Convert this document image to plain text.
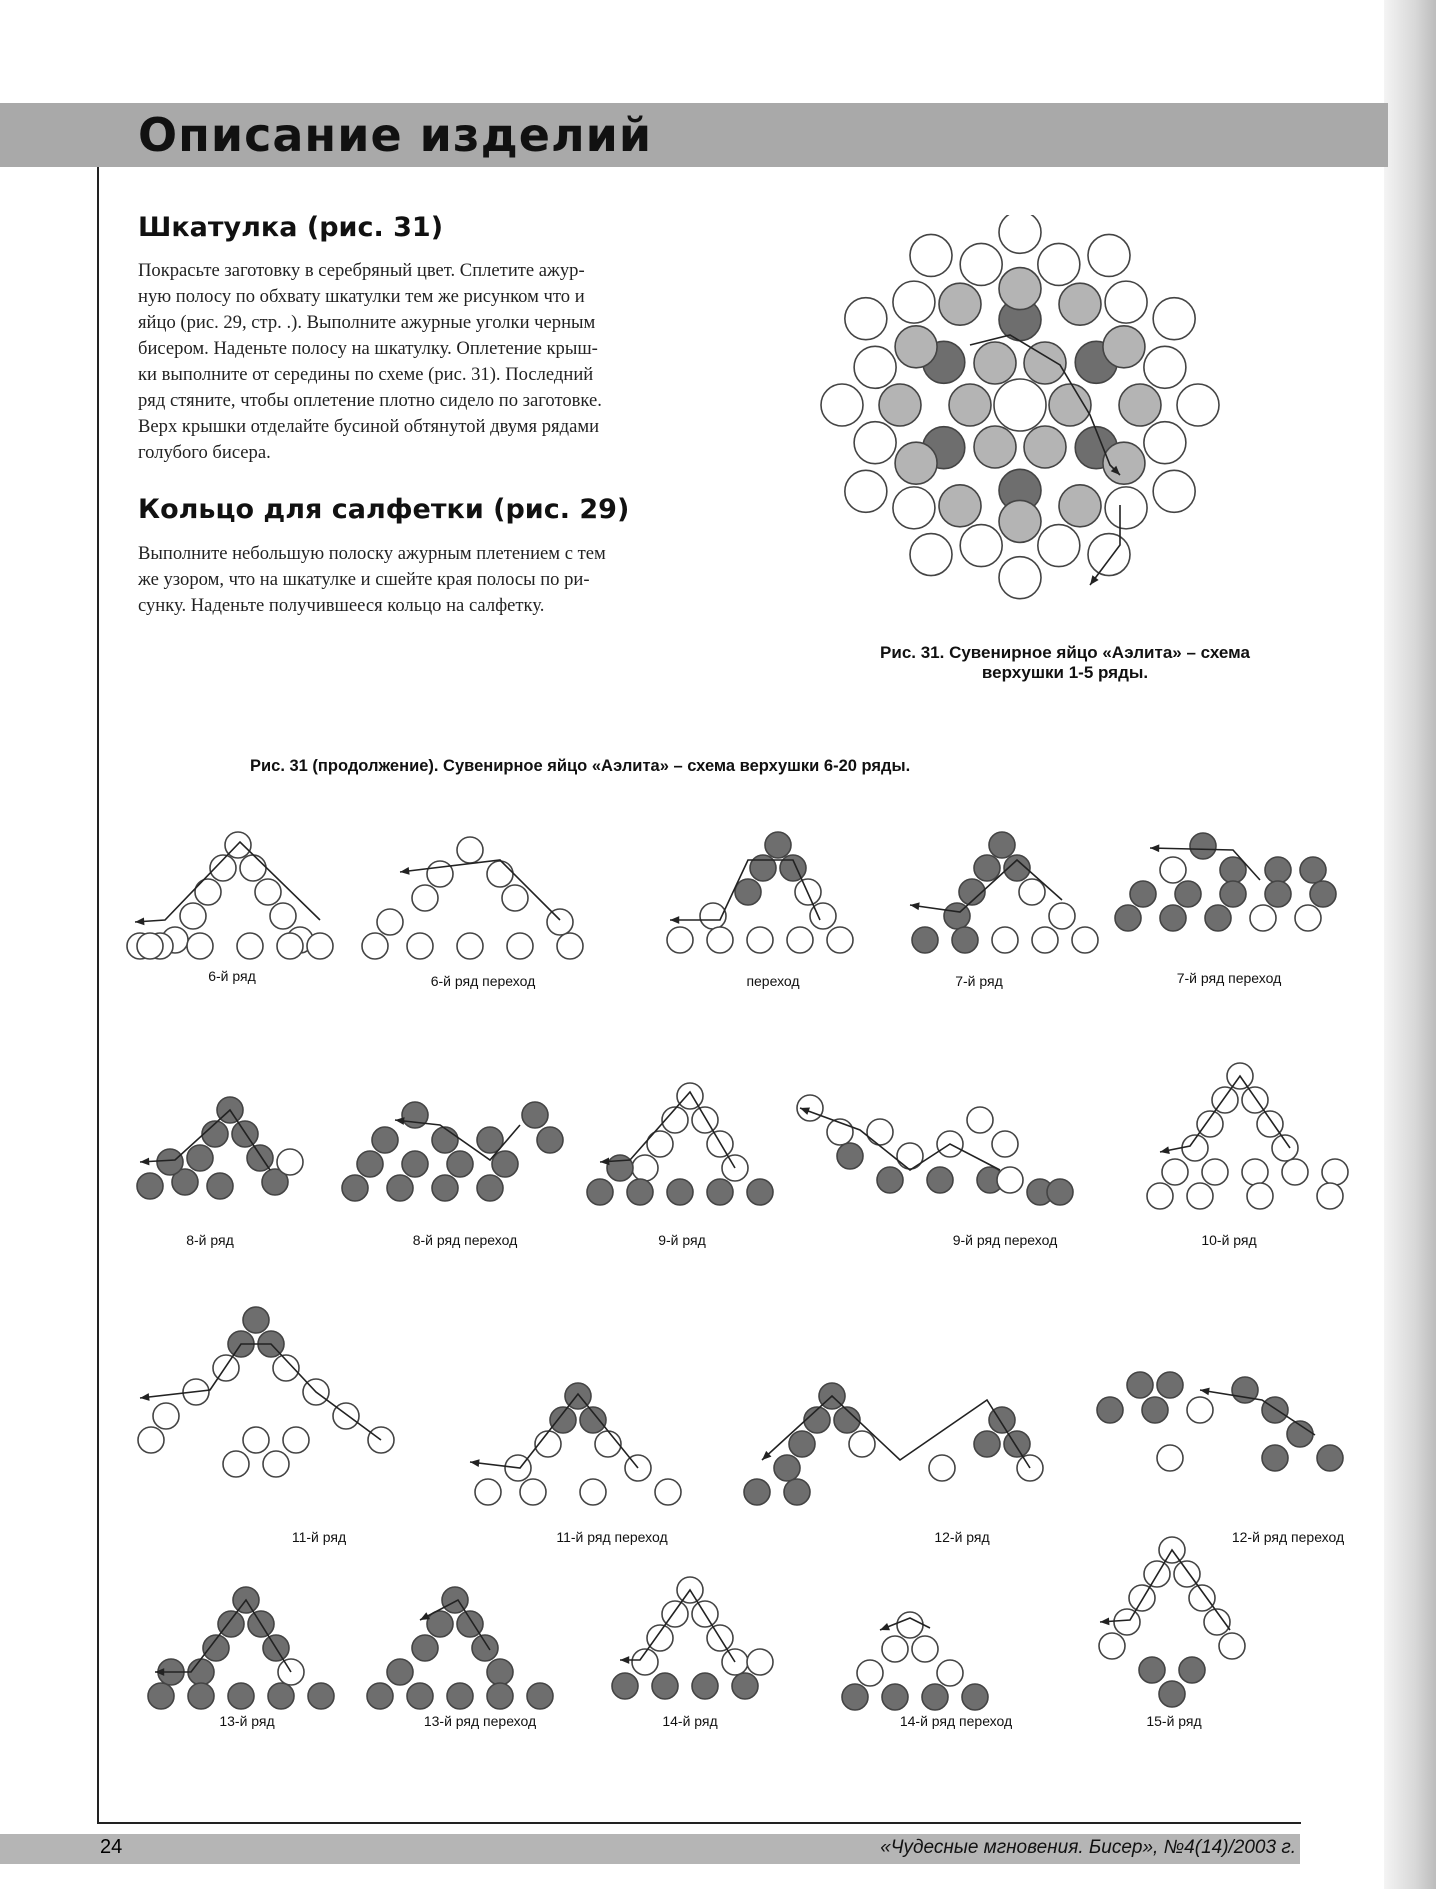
Описание изделий
Шкатулка (рис. 31)
Покрасьте заготовку в серебряный цвет. Сплетите ажур-
ную полосу по обхвату шкатулки тем же рисунком что и
яйцо (рис. 29, стр. .). Выполните ажурные уголки черным
бисером. Наденьте полосу на шкатулку. Оплетение крыш-
ки выполните от середины по схеме (рис. 31). Последний
ряд стяните, чтобы оплетение плотно сидело по заготовке.
Верх крышки отделайте бусиной обтянутой двумя рядами
голубого бисера.
Кольцо для салфетки (рис. 29)
Выполните небольшую полоску ажурным плетением с тем
же узором, что на шкатулке и сшейте края полосы по ри-
сунку. Наденьте получившееся кольцо на салфетку.
Рис. 31. Сувенирное яйцо «Аэлита» – схема
верхушки 1-5 ряды.
Рис. 31 (продолжение). Сувенирное яйцо «Аэлита» – схема верхушки 6-20 ряды.
6-й ряд	6-й ряд переход	переход	7-й ряд	7-й ряд переход
8-й ряд	8-й ряд переход	9-й ряд	9-й ряд переход	10-й ряд
11-й ряд	11-й ряд переход	12-й ряд	12-й ряд переход
13-й ряд	13-й ряд переход	14-й ряд	14-й ряд переход	15-й ряд
24	«Чудесные мгновения. Бисер», №4(14)/2003 г.
